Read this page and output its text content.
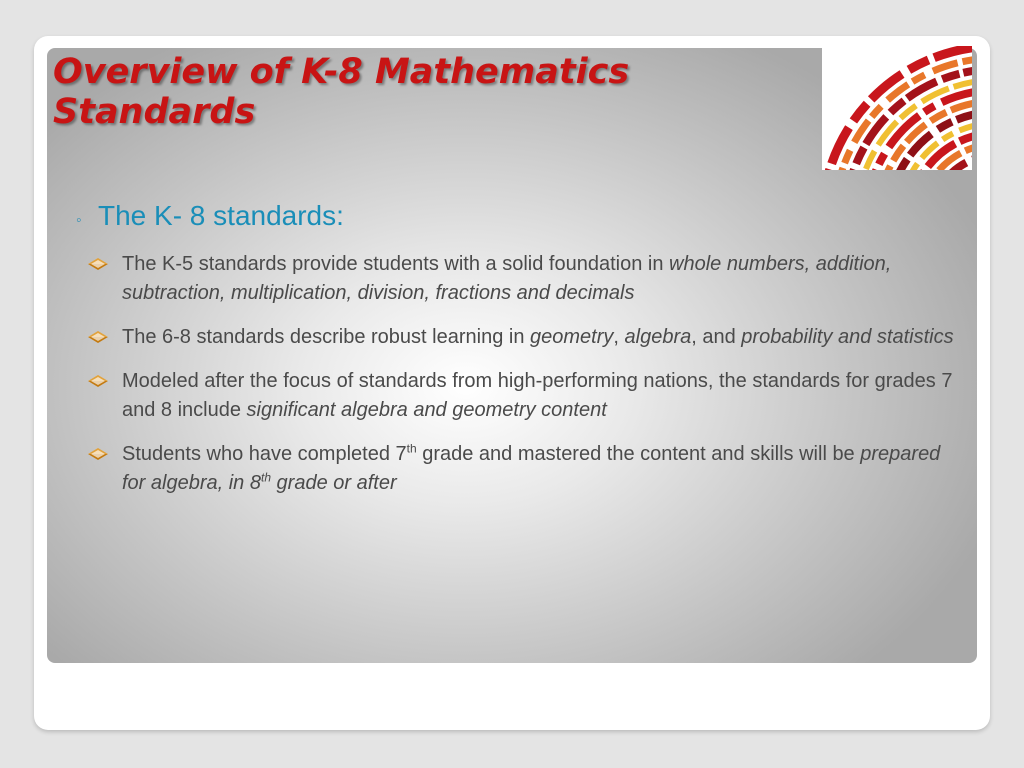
Overview of K-8 Mathematics Standards
◦ The K- 8 standards:
The K-5 standards provide students with a solid foundation in whole numbers, addition, subtraction, multiplication, division, fractions and decimals
The 6-8 standards describe robust learning in geometry, algebra, and probability and statistics
Modeled after the focus of standards from high-performing nations, the standards for grades 7 and 8 include significant algebra and geometry content
Students who have completed 7th grade and mastered the content and skills will be prepared for algebra, in 8th grade or after
